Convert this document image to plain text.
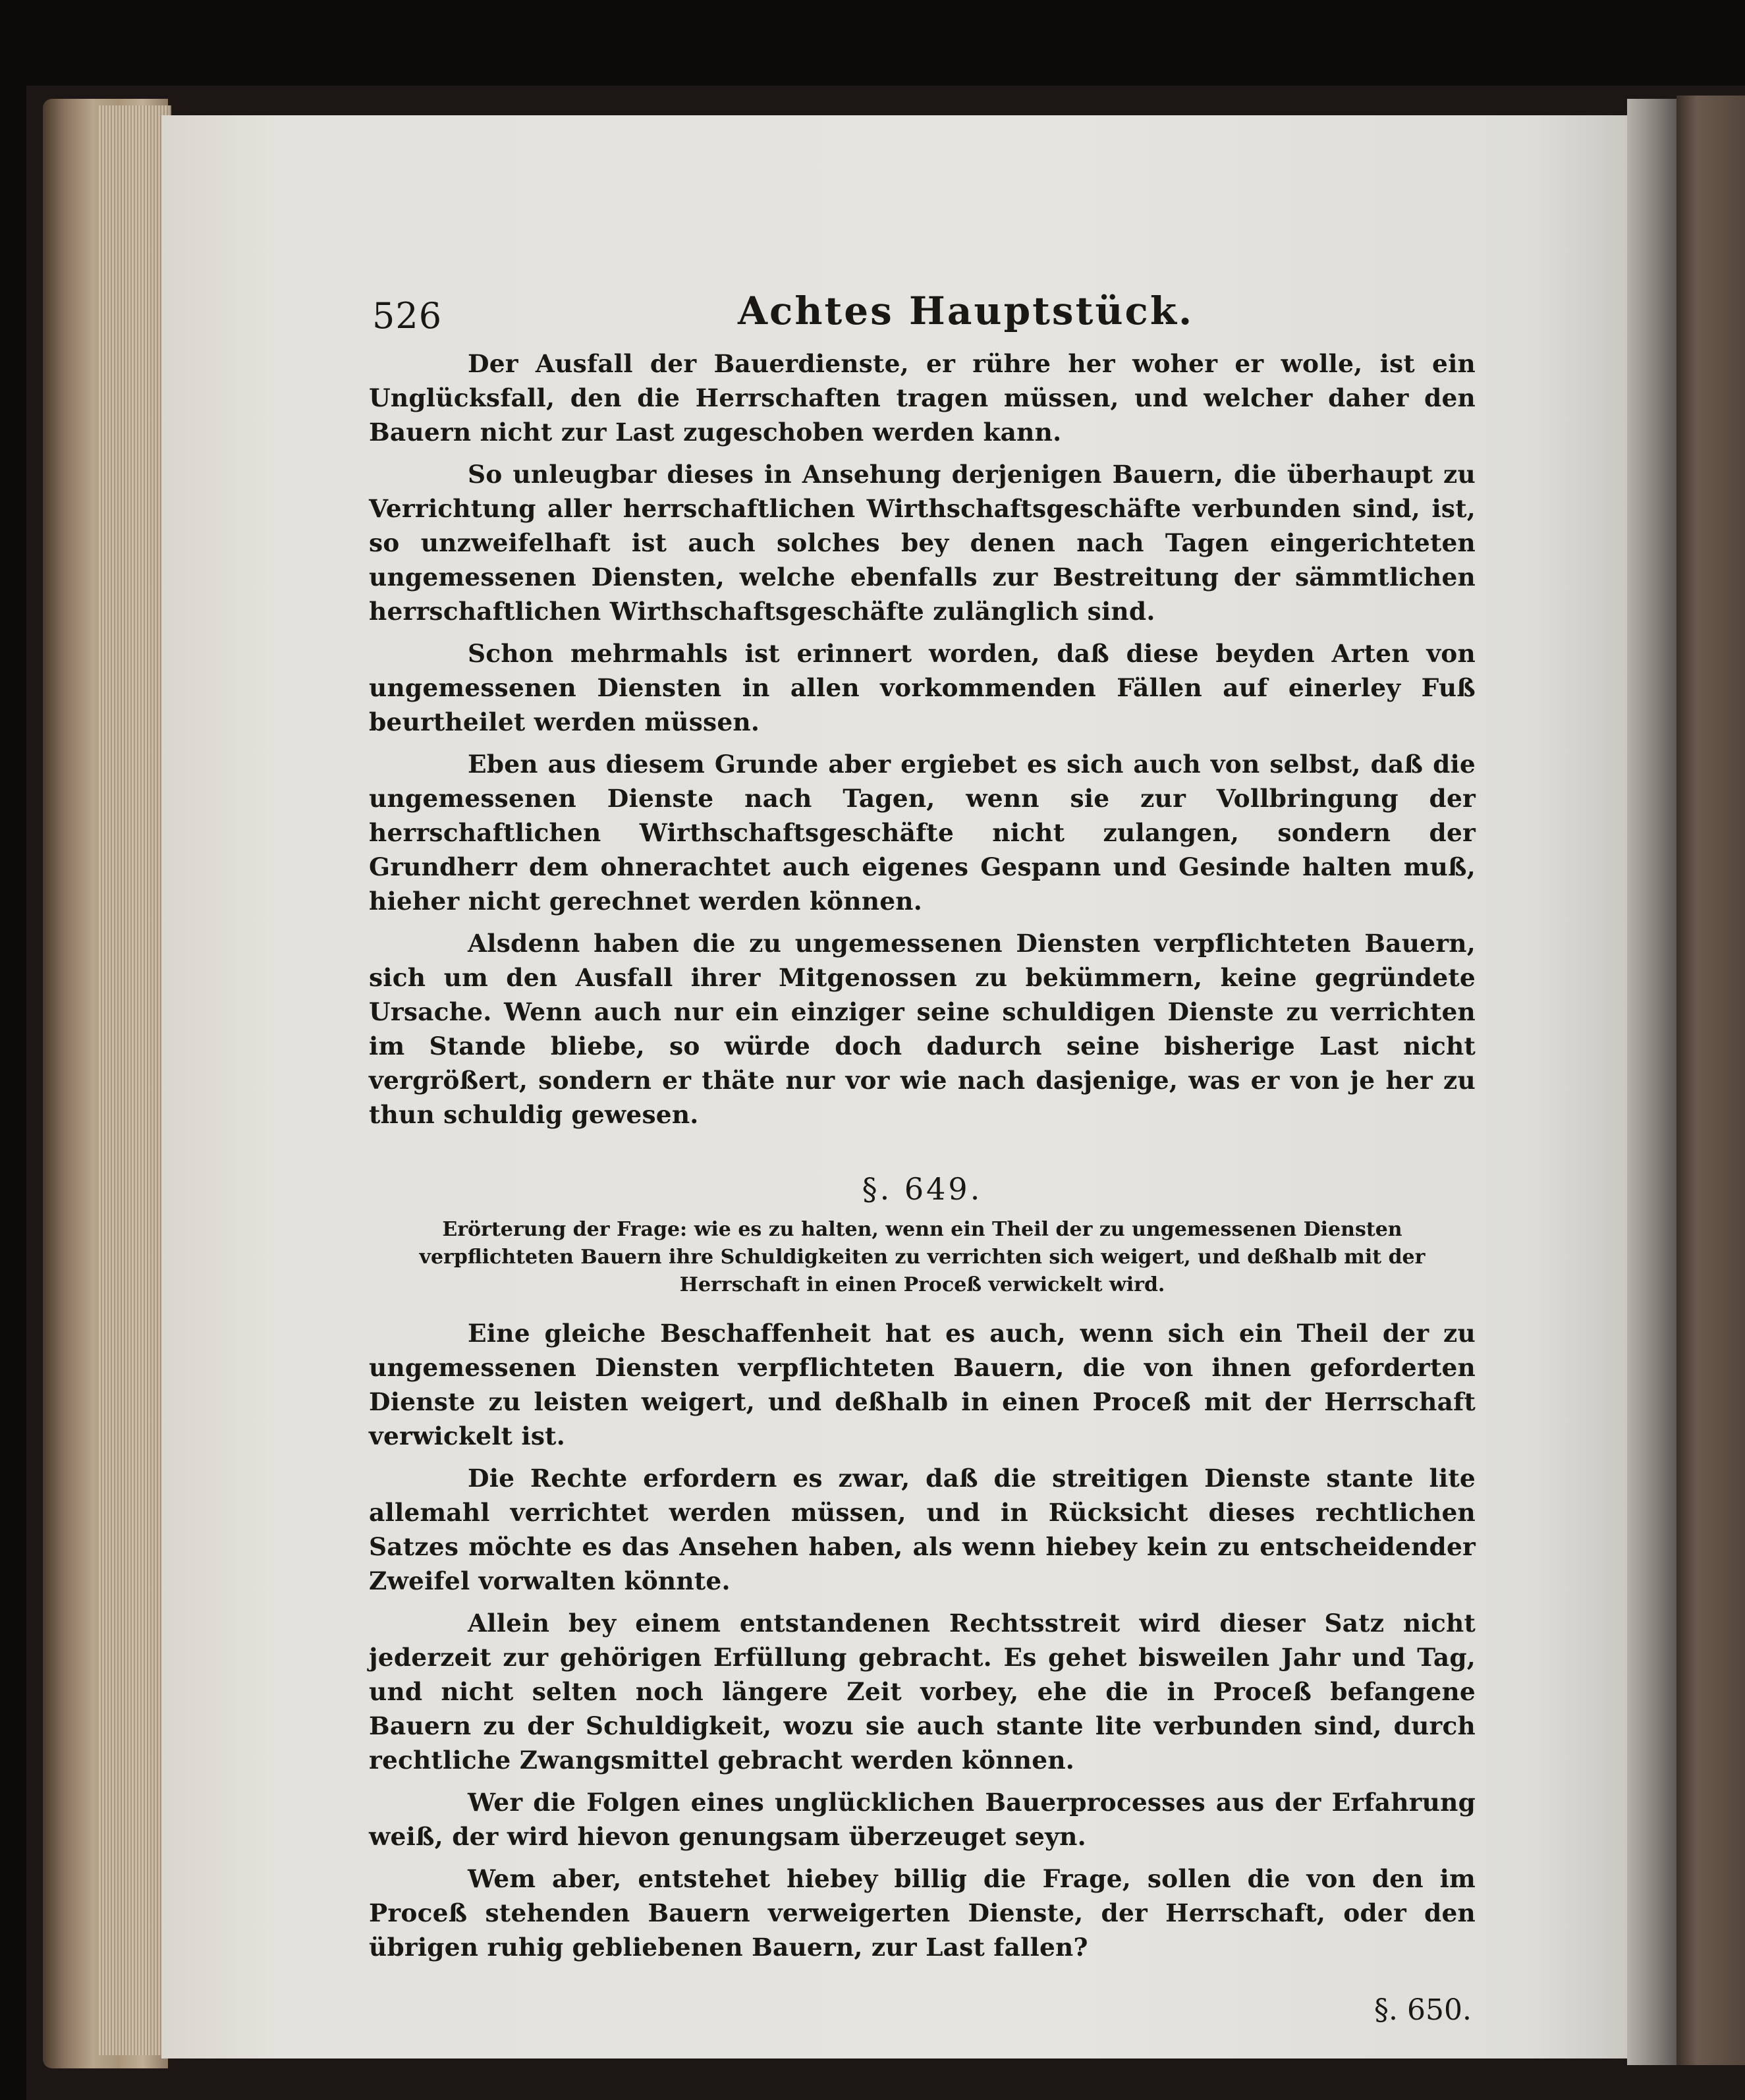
526	Achtes Hauptstück.

Der Ausfall der Bauerdienste, er rühre her woher er wolle, ist ein Unglücksfall, den die Herrschaften tragen müssen, und welcher daher den Bauern nicht zur Last zugeschoben werden kann.

So unleugbar dieses in Ansehung derjenigen Bauern, die überhaupt zu Verrichtung aller herrschaftlichen Wirthschaftsgeschäfte verbunden sind, ist, so unzweifelhaft ist auch solches bey denen nach Tagen eingerichteten ungemessenen Diensten, welche ebenfalls zur Bestreitung der sämmtlichen herrschaftlichen Wirthschaftsgeschäfte zulänglich sind.

Schon mehrmahls ist erinnert worden, daß diese beyden Arten von ungemessenen Diensten in allen vorkommenden Fällen auf einerley Fuß beurtheilet werden müssen.

Eben aus diesem Grunde aber ergiebet es sich auch von selbst, daß die ungemessenen Dienste nach Tagen, wenn sie zur Vollbringung der herrschaftlichen Wirthschaftsgeschäfte nicht zulangen, sondern der Grundherr dem ohnerachtet auch eigenes Gespann und Gesinde halten muß, hieher nicht gerechnet werden können.

Alsdenn haben die zu ungemessenen Diensten verpflichteten Bauern, sich um den Ausfall ihrer Mitgenossen zu bekümmern, keine gegründete Ursache. Wenn auch nur ein einziger seine schuldigen Dienste zu verrichten im Stande bliebe, so würde doch dadurch seine bisherige Last nicht vergrößert, sondern er thäte nur vor wie nach dasjenige, was er von je her zu thun schuldig gewesen.

§. 649.
Erörterung der Frage: wie es zu halten, wenn ein Theil der zu ungemessenen Diensten verpflichteten Bauern ihre Schuldigkeiten zu verrichten sich weigert, und deßhalb mit der Herrschaft in einen Proceß verwickelt wird.

Eine gleiche Beschaffenheit hat es auch, wenn sich ein Theil der zu ungemessenen Diensten verpflichteten Bauern, die von ihnen geforderten Dienste zu leisten weigert, und deßhalb in einen Proceß mit der Herrschaft verwickelt ist.

Die Rechte erfordern es zwar, daß die streitigen Dienste stante lite allemahl verrichtet werden müssen, und in Rücksicht dieses rechtlichen Satzes möchte es das Ansehen haben, als wenn hiebey kein zu entscheidender Zweifel vorwalten könnte.

Allein bey einem entstandenen Rechtsstreit wird dieser Satz nicht jederzeit zur gehörigen Erfüllung gebracht. Es gehet bisweilen Jahr und Tag, und nicht selten noch längere Zeit vorbey, ehe die in Proceß befangene Bauern zu der Schuldigkeit, wozu sie auch stante lite verbunden sind, durch rechtliche Zwangsmittel gebracht werden können.

Wer die Folgen eines unglücklichen Bauerprocesses aus der Erfahrung weiß, der wird hievon genungsam überzeuget seyn.

Wem aber, entstehet hiebey billig die Frage, sollen die von den im Proceß stehenden Bauern verweigerten Dienste, der Herrschaft, oder den übrigen ruhig gebliebenen Bauern, zur Last fallen?

§. 650.
